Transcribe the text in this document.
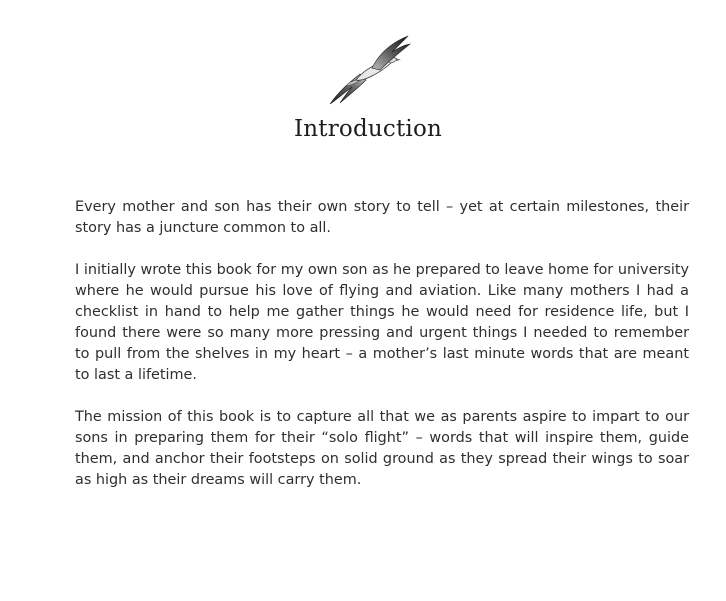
Introduction

Every mother and son has their own story to tell – yet at certain milestones, their story has a juncture common to all.

I initially wrote this book for my own son as he prepared to leave home for university where he would pursue his love of flying and aviation. Like many mothers I had a checklist in hand to help me gather things he would need for residence life, but I found there were so many more pressing and urgent things I needed to remember to pull from the shelves in my heart – a mother’s last minute words that are meant to last a lifetime.

The mission of this book is to capture all that we as parents aspire to impart to our sons in preparing them for their “solo flight” – words that will inspire them, guide them, and anchor their footsteps on solid ground as they spread their wings to soar as high as their dreams will carry them.
